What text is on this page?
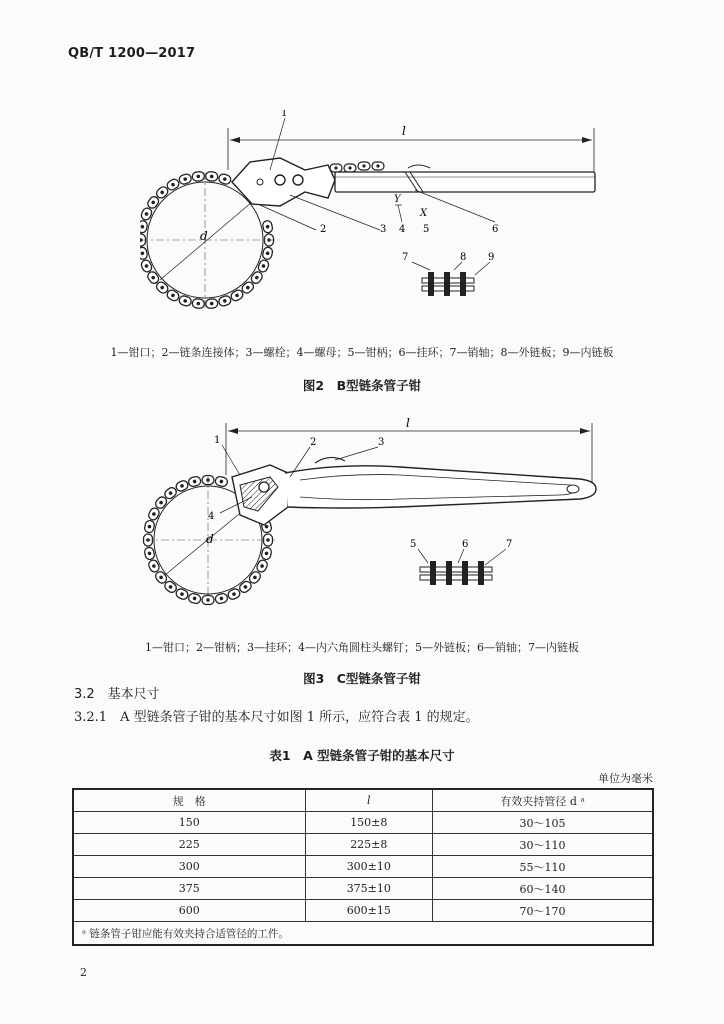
QB/T 1200—2017
l
d
Y
X
1
2	3 4 5	6
7	8 9
1—钳口；2—链条连接体；3—螺栓；4—螺母；5—钳柄；6—挂环；7—销轴；8—外链板；9—内链板
图2　B型链条管子钳
l
d
1	2	3
4
5	6	7
1—钳口；2—钳柄；3—挂环；4—内六角圆柱头螺钉；5—外链板；6—销轴；7—内链板
图3　C型链条管子钳
3.2　基本尺寸
3.2.1　A 型链条管子钳的基本尺寸如图 1 所示，应符合表 1 的规定。
表1　A 型链条管子钳的基本尺寸
单位为毫米
规　格	l	有效夹持管径 d ᵃ
150	150±8	30～105
225	225±8	30～110
300	300±10	55～110
375	375±10	60～140
600	600±15	70～170
ᵃ 链条管子钳应能有效夹持合适管径的工件。		
2
